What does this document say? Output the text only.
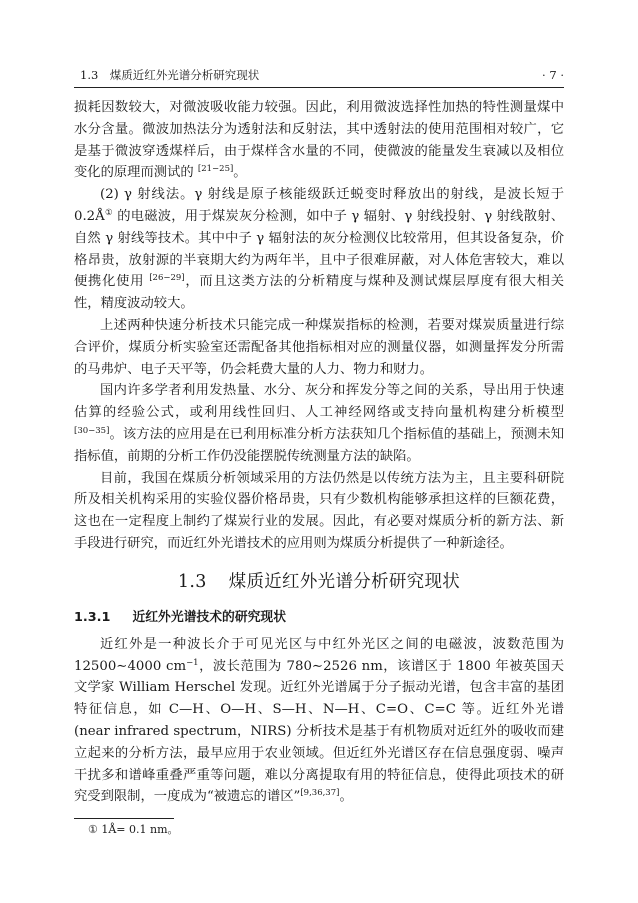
1.3　煤质近红外光谱分析研究现状	· 7 ·

损耗因数较大，对微波吸收能力较强。因此，利用微波选择性加热的特性测量煤中水分含量。微波加热法分为透射法和反射法，其中透射法的使用范围相对较广，它是基于微波穿透煤样后，由于煤样含水量的不同，使微波的能量发生衰减以及相位变化的原理而测试的 [21−25]。

(2) γ 射线法。γ 射线是原子核能级跃迁蜕变时释放出的射线，是波长短于 0.2Å① 的电磁波，用于煤炭灰分检测，如中子 γ 辐射、γ 射线投射、γ 射线散射、自然 γ 射线等技术。其中中子 γ 辐射法的灰分检测仪比较常用，但其设备复杂，价格昂贵，放射源的半衰期大约为两年半，且中子很难屏蔽，对人体危害较大，难以便携化使用 [26−29]，而且这类方法的分析精度与煤种及测试煤层厚度有很大相关性，精度波动较大。

上述两种快速分析技术只能完成一种煤炭指标的检测，若要对煤炭质量进行综合评价，煤质分析实验室还需配备其他指标相对应的测量仪器，如测量挥发分所需的马弗炉、电子天平等，仍会耗费大量的人力、物力和财力。

国内许多学者利用发热量、水分、灰分和挥发分等之间的关系，导出用于快速估算的经验公式，或利用线性回归、人工神经网络或支持向量机构建分析模型 [30−35]。该方法的应用是在已利用标准分析方法获知几个指标值的基础上，预测未知指标值，前期的分析工作仍没能摆脱传统测量方法的缺陷。

目前，我国在煤质分析领域采用的方法仍然是以传统方法为主，且主要科研院所及相关机构采用的实验仪器价格昂贵，只有少数机构能够承担这样的巨额花费，这也在一定程度上制约了煤炭行业的发展。因此，有必要对煤质分析的新方法、新手段进行研究，而近红外光谱技术的应用则为煤质分析提供了一种新途径。

1.3 煤质近红外光谱分析研究现状
1.3.1 近红外光谱技术的研究现状

近红外是一种波长介于可见光区与中红外光区之间的电磁波，波数范围为 12500∼4000 $cm^{-1}$，波长范围为 780∼2526 nm，该谱区于 1800 年被英国天文学家 William Herschel 发现。近红外光谱属于分子振动光谱，包含丰富的基团特征信息，如 C—H、O—H、S—H、N—H、C=O、C=C 等。近红外光谱 (near infrared spectrum，NIRS) 分析技术是基于有机物质对近红外的吸收而建立起来的分析方法，最早应用于农业领域。但近红外光谱区存在信息强度弱、噪声干扰多和谱峰重叠严重等问题，难以分离提取有用的特征信息，使得此项技术的研究受到限制，一度成为“被遗忘的谱区”[9,36,37]。

① 1Å= 0.1 nm。
